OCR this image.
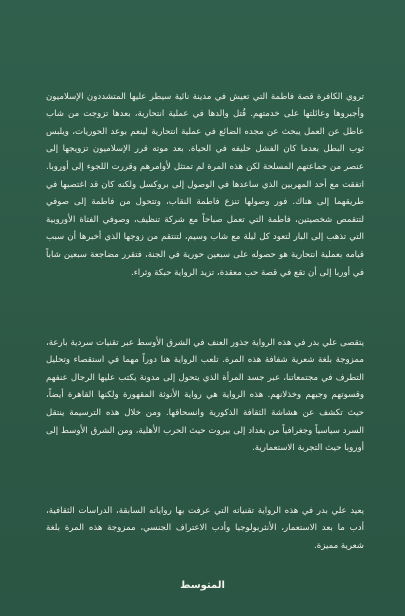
تروي الكافرة قصة فاطمة التي تعيش في مدينة نائية سيطر عليها المتشددون الإسلاميون وأجبروها وعائلتها على خدمتهم. قُتل والدها في عملية انتحارية، بعدها تزوجت من شاب عاطل عن العمل يبحث عن مجده الضائع في عملية انتحارية لينعم بوعد الحوريات، ويلبس ثوب البطل بعدما كان الفشل حليفه في الحياة. بعد موته قرر الإسلاميون تزويجها إلى عنصر من جماعتهم المسلحة لكن هذه المرة لم تمتثل لأوامرهم وقررت اللجوء إلى أوروبا. اتفقت مع أحد المهربين الذي ساعدها في الوصول إلى بروكسل ولكنه كان قد اغتصبها في طريقهما إلى هناك. فور وصولها تنزع فاطمة النقاب، وتتحول من فاطمة إلى صوفي لتتقمص شخصيتين، فاطمة التي تعمل صباحاً مع شركة تنظيف، وصوفي الفتاة الأوروبية التي تذهب إلى البار لتعود كل ليلة مع شاب وسيم، لتنتقم من زوجها الذي أخبرها أن سبب قيامه بعملية انتحارية هو حصوله على سبعين حورية في الجنة، فتقرر مضاجعة سبعين شاباً في أوربا إلى أن تقع في قصة حب معقدة، تزيد الرواية حبكة وثراء.

يتقصى علي بدر في هذه الرواية جذور العنف في الشرق الأوسط عبر تقنيات سردية بارعة، ممزوجة بلغة شعرية شفافة هذه المرة. تلعب الرواية هنا دوراً مهما في استقصاء وتحليل التطرف في مجتمعاتنا، عبر جسد المرأة الذي يتحول إلى مدونة يكتب عليها الرجال عنفهم وقسوتهم وجبهم وخذلانهم. هذه الرواية هي رواية الأنوثة المقهورة ولكنها القاهرة أيضاً، حيث تكشف عن هشاشة الثقافة الذكورية وانسحاقها. ومن خلال هذه الترسيمة ينتقل السرد سياسياً وجغرافياً من بغداد إلى بيروت حيث الحرب الأهلية، ومن الشرق الأوسط إلى أوروبا حيث التجربة الاستعمارية.

يعيد علي بدر في هذه الرواية تقنياته التي عرفت بها رواياته السابقة، الدراسات الثقافية، أدب ما بعد الاستعمار، الأنثربولوجيا وأدب الاعتراف الجنسي، ممزوجة هذه المرة بلغة شعرية مميزة.

المتوسط
